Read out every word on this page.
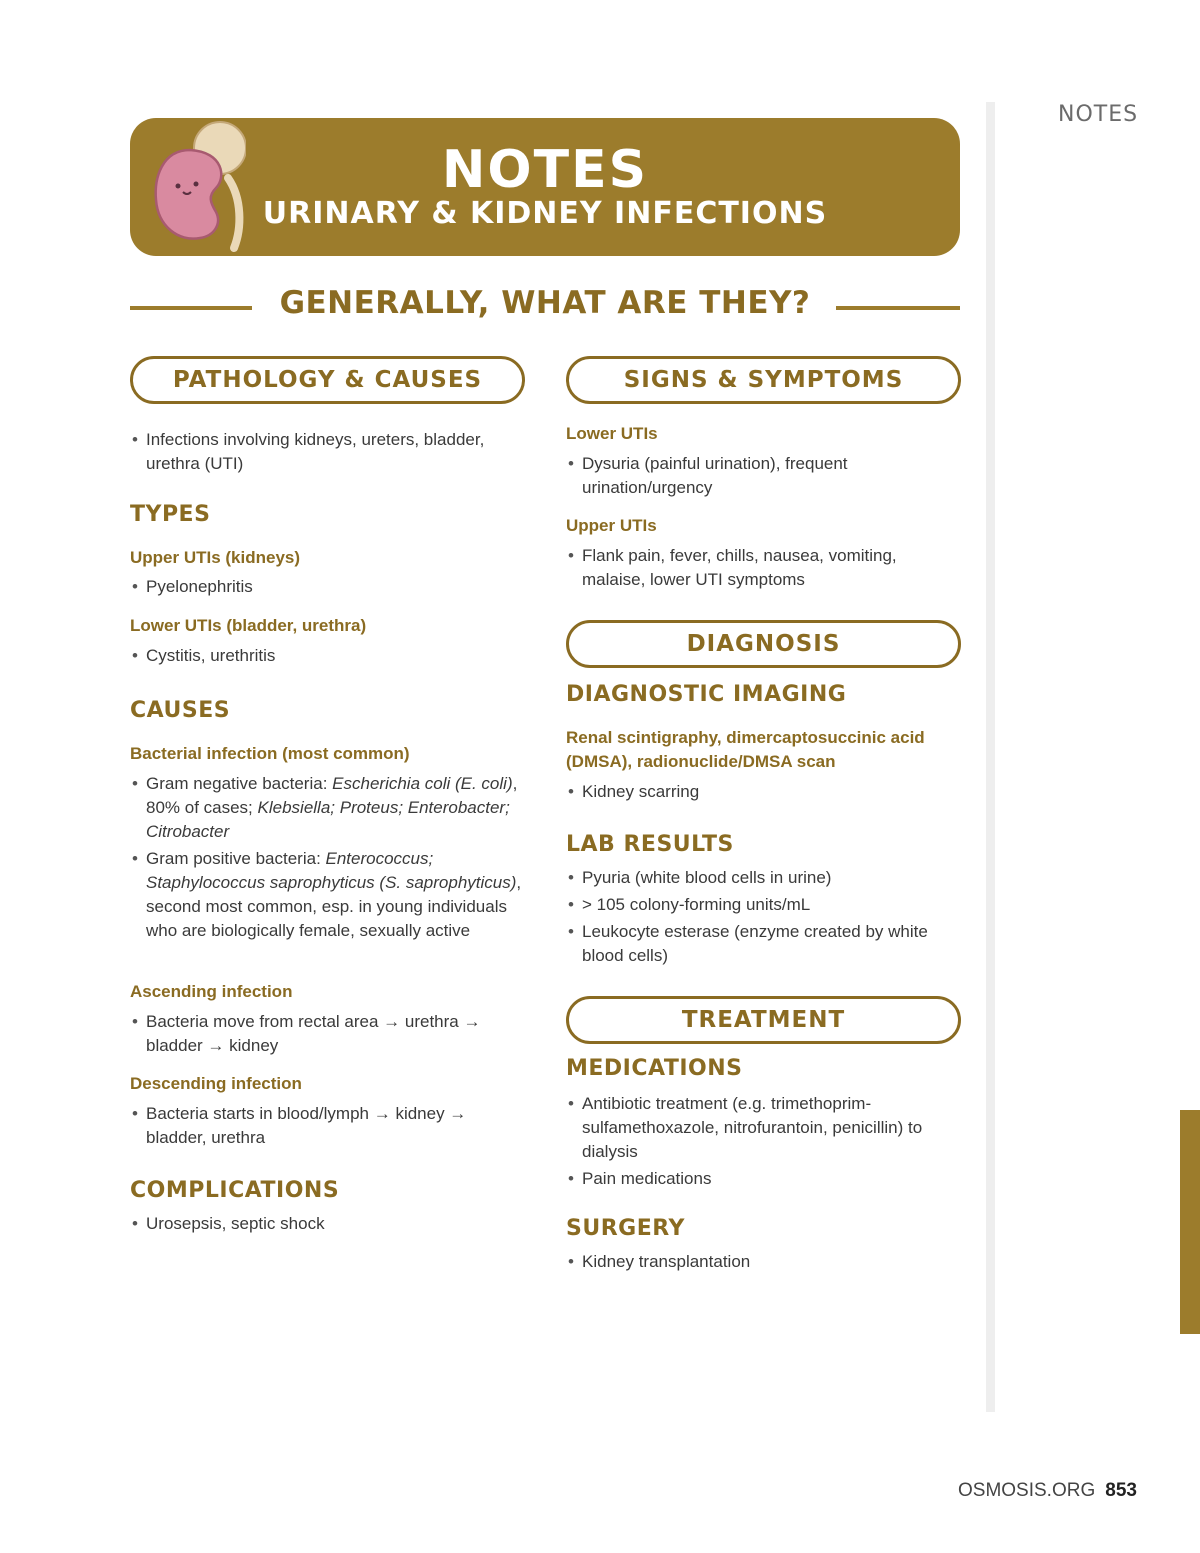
NOTES
NOTES
URINARY & KIDNEY INFECTIONS
GENERALLY, WHAT ARE THEY?
PATHOLOGY & CAUSES
• Infections involving kidneys, ureters, bladder, urethra (UTI)
TYPES
Upper UTIs (kidneys)
• Pyelonephritis
Lower UTIs (bladder, urethra)
• Cystitis, urethritis
CAUSES
Bacterial infection (most common)
• Gram negative bacteria: Escherichia coli (E. coli), 80% of cases; Klebsiella; Proteus; Enterobacter; Citrobacter
• Gram positive bacteria: Enterococcus; Staphylococcus saprophyticus (S. saprophyticus), second most common, esp. in young individuals who are biologically female, sexually active
Ascending infection
• Bacteria move from rectal area → urethra → bladder → kidney
Descending infection
• Bacteria starts in blood/lymph → kidney → bladder, urethra
COMPLICATIONS
• Urosepsis, septic shock
SIGNS & SYMPTOMS
Lower UTIs
• Dysuria (painful urination), frequent urination/urgency
Upper UTIs
• Flank pain, fever, chills, nausea, vomiting, malaise, lower UTI symptoms
DIAGNOSIS
DIAGNOSTIC IMAGING
Renal scintigraphy, dimercaptosuccinic acid (DMSA), radionuclide/DMSA scan
• Kidney scarring
LAB RESULTS
• Pyuria (white blood cells in urine)
• > 105 colony-forming units/mL
• Leukocyte esterase (enzyme created by white blood cells)
TREATMENT
MEDICATIONS
• Antibiotic treatment (e.g. trimethoprim-sulfamethoxazole, nitrofurantoin, penicillin) to dialysis
• Pain medications
SURGERY
• Kidney transplantation
OSMOSIS.ORG 853
